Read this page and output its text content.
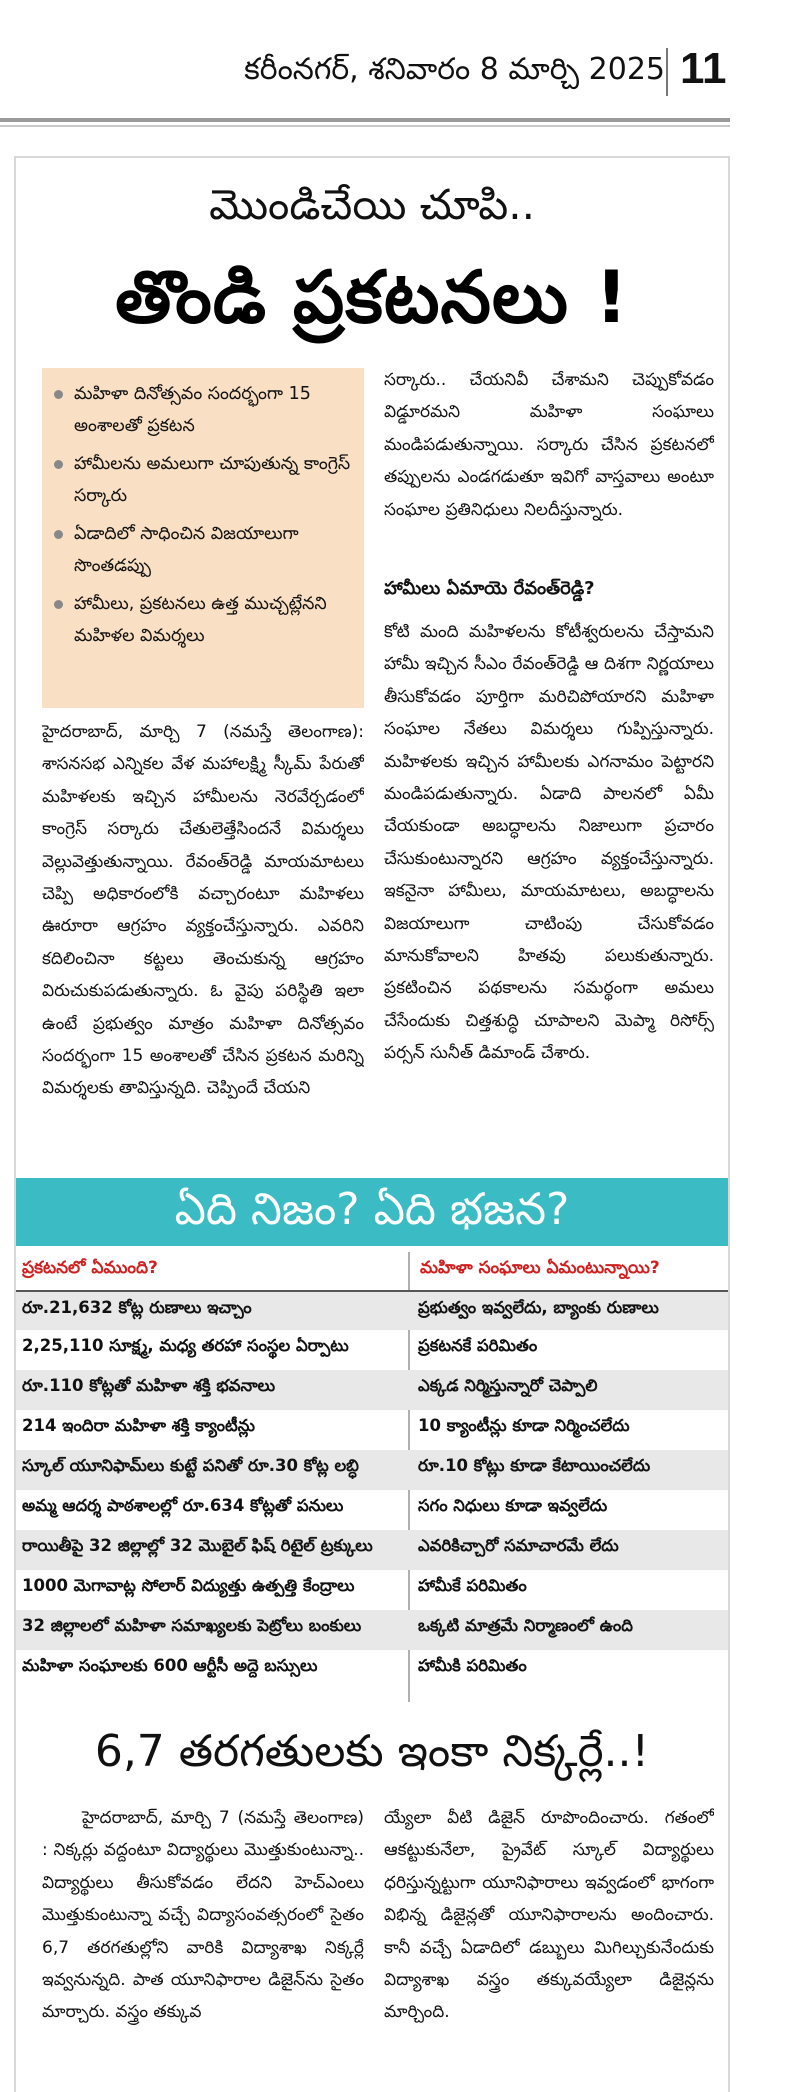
కరీంనగర్, శనివారం 8 మార్చి 2025 11
మొండిచేయి చూపి..
తొండి ప్రకటనలు !
మహిళా దినోత్సవం సందర్భంగా 15 అంశాలతో ప్రకటన
హామీలను అమలుగా చూపుతున్న కాంగ్రెస్ సర్కారు
ఏడాదిలో సాధించిన విజయాలుగా సొంతడప్పు
హామీలు, ప్రకటనలు ఉత్త ముచ్చట్లేనని మహిళల విమర్శలు

హైదరాబాద్, మార్చి 7 (నమస్తే తెలంగాణ): శాసనసభ ఎన్నికల వేళ మహాలక్ష్మి స్కీమ్ పేరుతో మహిళలకు ఇచ్చిన హామీలను నెరవేర్చడంలో కాంగ్రెస్ సర్కారు చేతులెత్తేసిందనే విమర్శలు వెల్లువెత్తుతున్నాయి. రేవంత్‌రెడ్డి మాయమాటలు చెప్పి అధికారంలోకి వచ్చారంటూ మహిళలు ఊరూరా ఆగ్రహం వ్యక్తంచేస్తున్నారు. ఎవరిని కదిలించినా కట్టలు తెంచుకున్న ఆగ్రహం విరుచుకుపడుతున్నారు. ఓ వైపు పరిస్థితి ఇలా ఉంటే ప్రభుత్వం మాత్రం మహిళా దినోత్సవం సందర్భంగా 15 అంశాలతో చేసిన ప్రకటన మరిన్ని విమర్శలకు తావిస్తున్నది. చెప్పిందే చేయని

సర్కారు.. చేయనివీ చేశామని చెప్పుకోవడం విడ్డూరమని మహిళా సంఘాలు మండిపడుతున్నాయి. సర్కారు చేసిన ప్రకటనలో తప్పులను ఎండగడుతూ ఇవిగో వాస్తవాలు అంటూ సంఘాల ప్రతినిధులు నిలదీస్తున్నారు.

హామీలు ఏమాయె రేవంత్‌రెడ్డి?

కోటి మంది మహిళలను కోటీశ్వరులను చేస్తామని హామీ ఇచ్చిన సీఎం రేవంత్‌రెడ్డి ఆ దిశగా నిర్ణయాలు తీసుకోవడం పూర్తిగా మరిచిపోయారని మహిళా సంఘాల నేతలు విమర్శలు గుప్పిస్తున్నారు. మహిళలకు ఇచ్చిన హామీలకు ఎగనామం పెట్టారని మండిపడుతున్నారు. ఏడాది పాలనలో ఏమీ చేయకుండా అబద్ధాలను నిజాలుగా ప్రచారం చేసుకుంటున్నారని ఆగ్రహం వ్యక్తంచేస్తున్నారు. ఇకనైనా హామీలు, మాయమాటలు, అబద్ధాలను విజయాలుగా చాటింపు చేసుకోవడం మానుకోవాలని హితవు పలుకుతున్నారు. ప్రకటించిన పథకాలను సమర్థంగా అమలు చేసేందుకు చిత్తశుద్ధి చూపాలని మెప్మా రిసోర్స్ పర్సన్ సునీత్ డిమాండ్ చేశారు.

ఏది నిజం? ఏది భజన?
ప్రకటనలో ఏముంది?	మహిళా సంఘాలు ఏమంటున్నాయి?
రూ.21,632 కోట్ల రుణాలు ఇచ్చాం	ప్రభుత్వం ఇవ్వలేదు, బ్యాంకు రుణాలు
2,25,110 సూక్ష్మ, మధ్య తరహా సంస్థల ఏర్పాటు	ప్రకటనకే పరిమితం
రూ.110 కోట్లతో మహిళా శక్తి భవనాలు	ఎక్కడ నిర్మిస్తున్నారో చెప్పాలి
214 ఇందిరా మహిళా శక్తి క్యాంటీన్లు	10 క్యాంటీన్లు కూడా నిర్మించలేదు
స్కూల్ యూనిఫామ్‌లు కుట్టే పనితో రూ.30 కోట్ల లబ్ధి	రూ.10 కోట్లు కూడా కేటాయించలేదు
అమ్మ ఆదర్శ పాఠశాలల్లో రూ.634 కోట్లతో పనులు	సగం నిధులు కూడా ఇవ్వలేదు
రాయితీపై 32 జిల్లాల్లో 32 మొబైల్ ఫిష్ రిటైల్ ట్రక్కులు	ఎవరికిచ్చారో సమాచారమే లేదు
1000 మెగావాట్ల సోలార్ విద్యుత్తు ఉత్పత్తి కేంద్రాలు	హామీకే పరిమితం
32 జిల్లాలలో మహిళా సమాఖ్యలకు పెట్రోలు బంకులు	ఒక్కటి మాత్రమే నిర్మాణంలో ఉంది
మహిళా సంఘాలకు 600 ఆర్టీసీ అద్దె బస్సులు	హామీకి పరిమితం
6,7 తరగతులకు ఇంకా నిక్కర్లే..!

హైదరాబాద్, మార్చి 7 (నమస్తే తెలంగాణ) : నిక్కర్లు వద్దంటూ విద్యార్థులు మొత్తుకుంటున్నా.. విద్యార్థులు తీసుకోవడం లేదని హెచ్‌ఎంలు మొత్తుకుంటున్నా వచ్చే విద్యాసంవత్సరంలో సైతం 6,7 తరగతుల్లోని వారికి విద్యాశాఖ నిక్కర్లే ఇవ్వనున్నది. పాత యూనిఫారాల డిజైన్‌ను సైతం మార్చారు. వస్త్రం తక్కువ

య్యేలా వీటి డిజైన్ రూపొందించారు. గతంలో ఆకట్టుకునేలా, ప్రైవేట్ స్కూల్ విద్యార్థులు ధరిస్తున్నట్టుగా యూనిఫారాలు ఇవ్వడంలో భాగంగా విభిన్న డిజైన్లతో యూనిఫారాలను అందించారు. కానీ వచ్చే ఏడాదిలో డబ్బులు మిగిల్చుకునేందుకు విద్యాశాఖ వస్త్రం తక్కువయ్యేలా డిజైన్లను మార్చింది.
